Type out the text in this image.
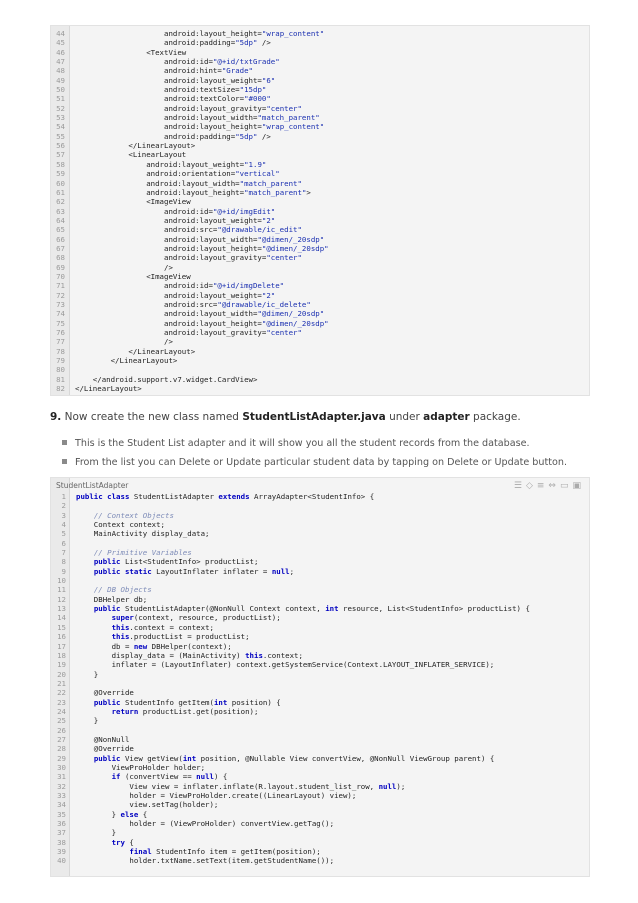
44                    android:layout_height="wrap_content"
45                    android:padding="5dp" />
46                <TextView
47                    android:id="@+id/txtGrade"
48                    android:hint="Grade"
49                    android:layout_weight="6"
50                    android:textSize="15dp"
51                    android:textColor="#000"
52                    android:layout_gravity="center"
53                    android:layout_width="match_parent"
54                    android:layout_height="wrap_content"
55                    android:padding="5dp" />
56            </LinearLayout>
57            <LinearLayout
58                android:layout_weight="1.9"
59                android:orientation="vertical"
60                android:layout_width="match_parent"
61                android:layout_height="match_parent">
62                <ImageView
63                    android:id="@+id/imgEdit"
64                    android:layout_weight="2"
65                    android:src="@drawable/ic_edit"
66                    android:layout_width="@dimen/_20sdp"
67                    android:layout_height="@dimen/_20sdp"
68                    android:layout_gravity="center"
69                    />
70                <ImageView
71                    android:id="@+id/imgDelete"
72                    android:layout_weight="2"
73                    android:src="@drawable/ic_delete"
74                    android:layout_width="@dimen/_20sdp"
75                    android:layout_height="@dimen/_20sdp"
76                    android:layout_gravity="center"
77                    />
78            </LinearLayout>
79        </LinearLayout>
80
81    </android.support.v7.widget.CardView>
82 </LinearLayout>
9. Now create the new class named StudentListAdapter.java under adapter package.
This is the Student List adapter and it will show you all the student records from the database.
From the list you can Delete or Update particular student data by tapping on Delete or Update button.
StudentListAdapter	☰ ◇ ≡ ⇔ ▭ ▣
1 public class StudentListAdapter extends ArrayAdapter<StudentInfo> {
2
3	// Context Objects
4    Context context;
5    MainActivity display_data;
6
7	// Primitive Variables
8	public List<StudentInfo> productList;
9	public static LayoutInflater inflater = null;
10
11	// DB Objects
12    DBHelper db;
13	public StudentListAdapter(@NonNull Context context, int resource, List<StudentInfo> productList) {
14	super(context, resource, productList);
15	this.context = context;
16	this.productList = productList;
17        db = new DBHelper(context);
18        display_data = (MainActivity) this.context;
19        inflater = (LayoutInflater) context.getSystemService(Context.LAYOUT_INFLATER_SERVICE);
20    }
21
22    @Override
23	public StudentInfo getItem(int position) {
24	return productList.get(position);
25    }
26
27    @NonNull
28    @Override
29	public View getView(int position, @Nullable View convertView, @NonNull ViewGroup parent) {
30        ViewProHolder holder;
31	if (convertView == null) {
32            View view = inflater.inflate(R.layout.student_list_row, null);
33            holder = ViewProHolder.create((LinearLayout) view);
34            view.setTag(holder);
35        } else {
36            holder = (ViewProHolder) convertView.getTag();
37        }
38	try {
39	final StudentInfo item = getItem(position);
40            holder.txtName.setText(item.getStudentName());
